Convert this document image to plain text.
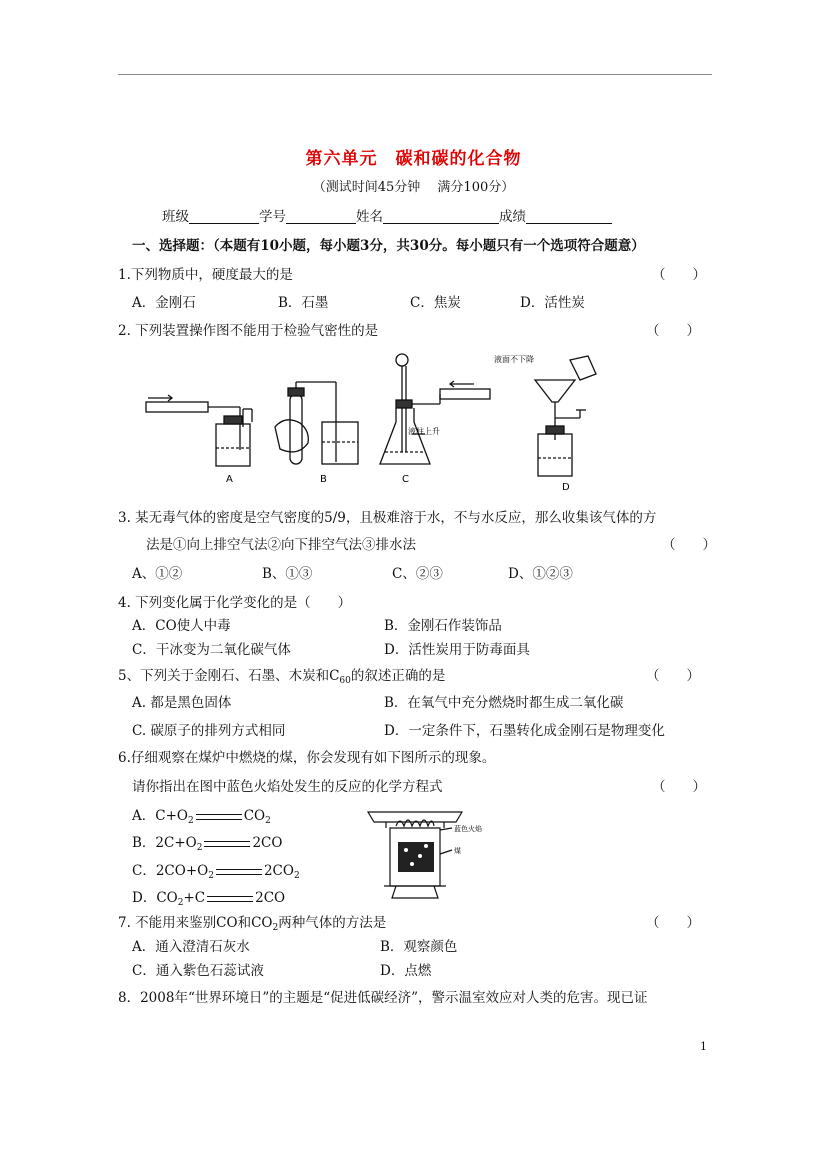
第六单元　碳和碳的化合物
（测试时间45分钟　 满分100分）
班级	学号	姓名	成绩
一、选择题：（本题有10小题，每小题3分，共30分。每小题只有一个选项符合题意）
1.下列物质中，硬度最大的是	（　　）
A．金刚石	B．石墨	C．焦炭	D．活性炭
2. 下列装置操作图不能用于检验气密性的是	（　　）
液柱上升
液面不下降
A	B	C
D
3. 某无毒气体的密度是空气密度的5/9，且极难溶于水，不与水反应，那么收集该气体的方
法是①向上排空气法②向下排空气法③排水法	（　　）
A、①②	B、①③	C、②③	D、①②③
4. 下列变化属于化学变化的是（　　）
A．CO使人中毒	B．金刚石作装饰品
C．干冰变为二氧化碳气体	D．活性炭用于防毒面具
5、下列关于金刚石、石墨、木炭和$C_{60}$的叙述正确的是	（　　）
A. 都是黑色固体	B．在氧气中充分燃烧时都生成二氧化碳
C. 碳原子的排列方式相同	D．一定条件下，石墨转化成金刚石是物理变化
6.仔细观察在煤炉中燃烧的煤，你会发现有如下图所示的现象。
请你指出在图中蓝色火焰处发生的反应的化学方程式	（　　）
A．$C+O_2$	$CO_2$
B．$2C+O_2$	2CO
C．$2CO+O_2$	$2CO_2$
D．$CO_2+C$	2CO
蓝色火焰
煤
7. 不能用来鉴别CO和$CO_2$两种气体的方法是	（　　）
A．通入澄清石灰水	B．观察颜色
C．通入紫色石蕊试液	D．点燃
8．2008年“世界环境日”的主题是“促进低碳经济”，警示温室效应对人类的危害。现已证
1
